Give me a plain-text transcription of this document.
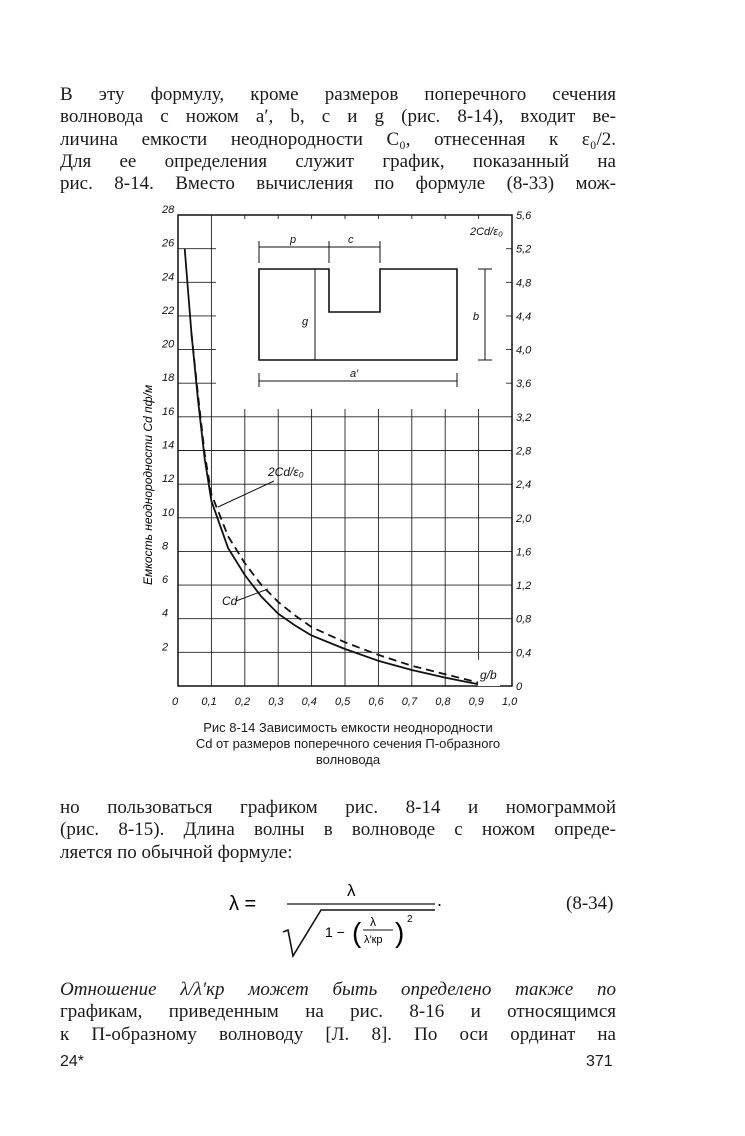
В эту формулу, кроме размеров поперечного сечения
волновода с ножом a′, b, c и g (рис. 8-14), входит ве-
личина емкости неоднородности C₀, отнесенная к ε₀/2.
Для ее определения служит график, показанный на
рис. 8-14. Вместо вычисления по формуле (8-33) мож-
p	c
b
a′
g
2Cd/ε₀
0 0,1 0,2 0,3 0,4 0,5 0,6 0,7 0,8 0,9 1,0
2
4
6
8
10
12
14
16
18
20
22
24
26
28
0
0,4
0,8
1,2
1,6
2,0
2,4
2,8
3,2
3,6
4,0
4,4
4,8
5,2
5,6
2Cd/ε₀
Cd
g/b
Емкость неоднородности Cd пф/м
Рис 8-14 Зависимость емкости неоднородности
Cd от размеров поперечного сечения П-образного
волновода
но пользоваться графиком рис. 8-14 и номограммой
(рис. 8-15). Длина волны в волноводе с ножом опреде-
ляется по обычной формуле:
λ =
λ
1 − ( λ
λ′кр ) 2
.	(8-34)
Отношение λ/λ′кр может быть определено также по
графикам, приведенным на рис. 8-16 и относящимся
к П-образному волноводу [Л. 8]. По оси ординат на
24*	371
